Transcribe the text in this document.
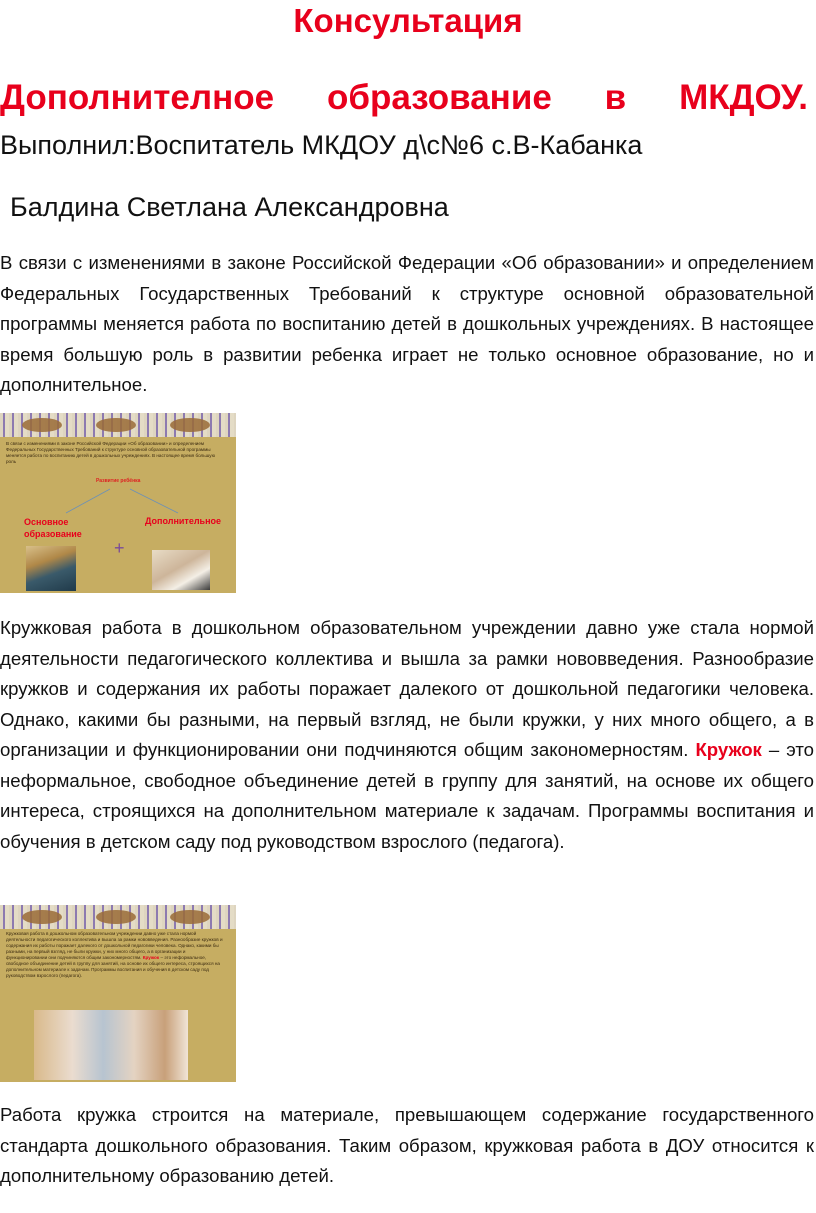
Консультация
Дополнителное образование в МКДОУ.
Выполнил:Воспитатель МКДОУ д\с№6 с.В-Кабанка
Балдина Светлана Александровна

В связи с изменениями в законе Российской Федерации «Об образовании» и определением Федеральных Государственных Требований к структуре основной образовательной программы меняется работа по воспитанию детей в дошкольных учреждениях. В настоящее время большую роль в развитии ребенка играет не только основное образование, но и дополнительное.

В связи с изменениями в законе Российской Федерации «Об образовании» и определением Федеральных Государственных Требований к структуре основной образовательной программы меняется работа по воспитанию детей в дошкольных учреждениях. В настоящее время большую роль
Развитие ребёнка
Основное образование
Дополнительное
+

Кружковая работа в дошкольном образовательном учреждении давно уже стала нормой деятельности педагогического коллектива и вышла за рамки нововведения. Разнообразие кружков и содержания их работы поражает далекого от дошкольной педагогики человека. Однако, какими бы разными, на первый взгляд, не были кружки, у них много общего, а в организации и функционировании они подчиняются общим закономерностям. Кружок – это неформальное, свободное объединение детей в группу для занятий, на основе их общего интереса, строящихся на дополнительном материале к задачам. Программы воспитания и обучения в детском саду под руководством взрослого (педагога).

Кружковая работа в дошкольном образовательном учреждении давно уже стала нормой деятельности педагогического коллектива и вышла за рамки нововведения. Разнообразие кружков и содержания их работы поражает далекого от дошкольной педагогики человека. Однако, какими бы разными, на первый взгляд, не были кружки, у них много общего, а в организации и функционировании они подчиняются общим закономерностям. Кружок – это неформальное, свободное объединение детей в группу для занятий, на основе их общего интереса, строящихся на дополнительном материале к задачам. Программы воспитания и обучения в детском саду под руководством взрослого (педагога).

Работа кружка строится на материале, превышающем содержание государственного стандарта дошкольного образования. Таким образом, кружковая работа в ДОУ относится к дополнительному образованию детей.
